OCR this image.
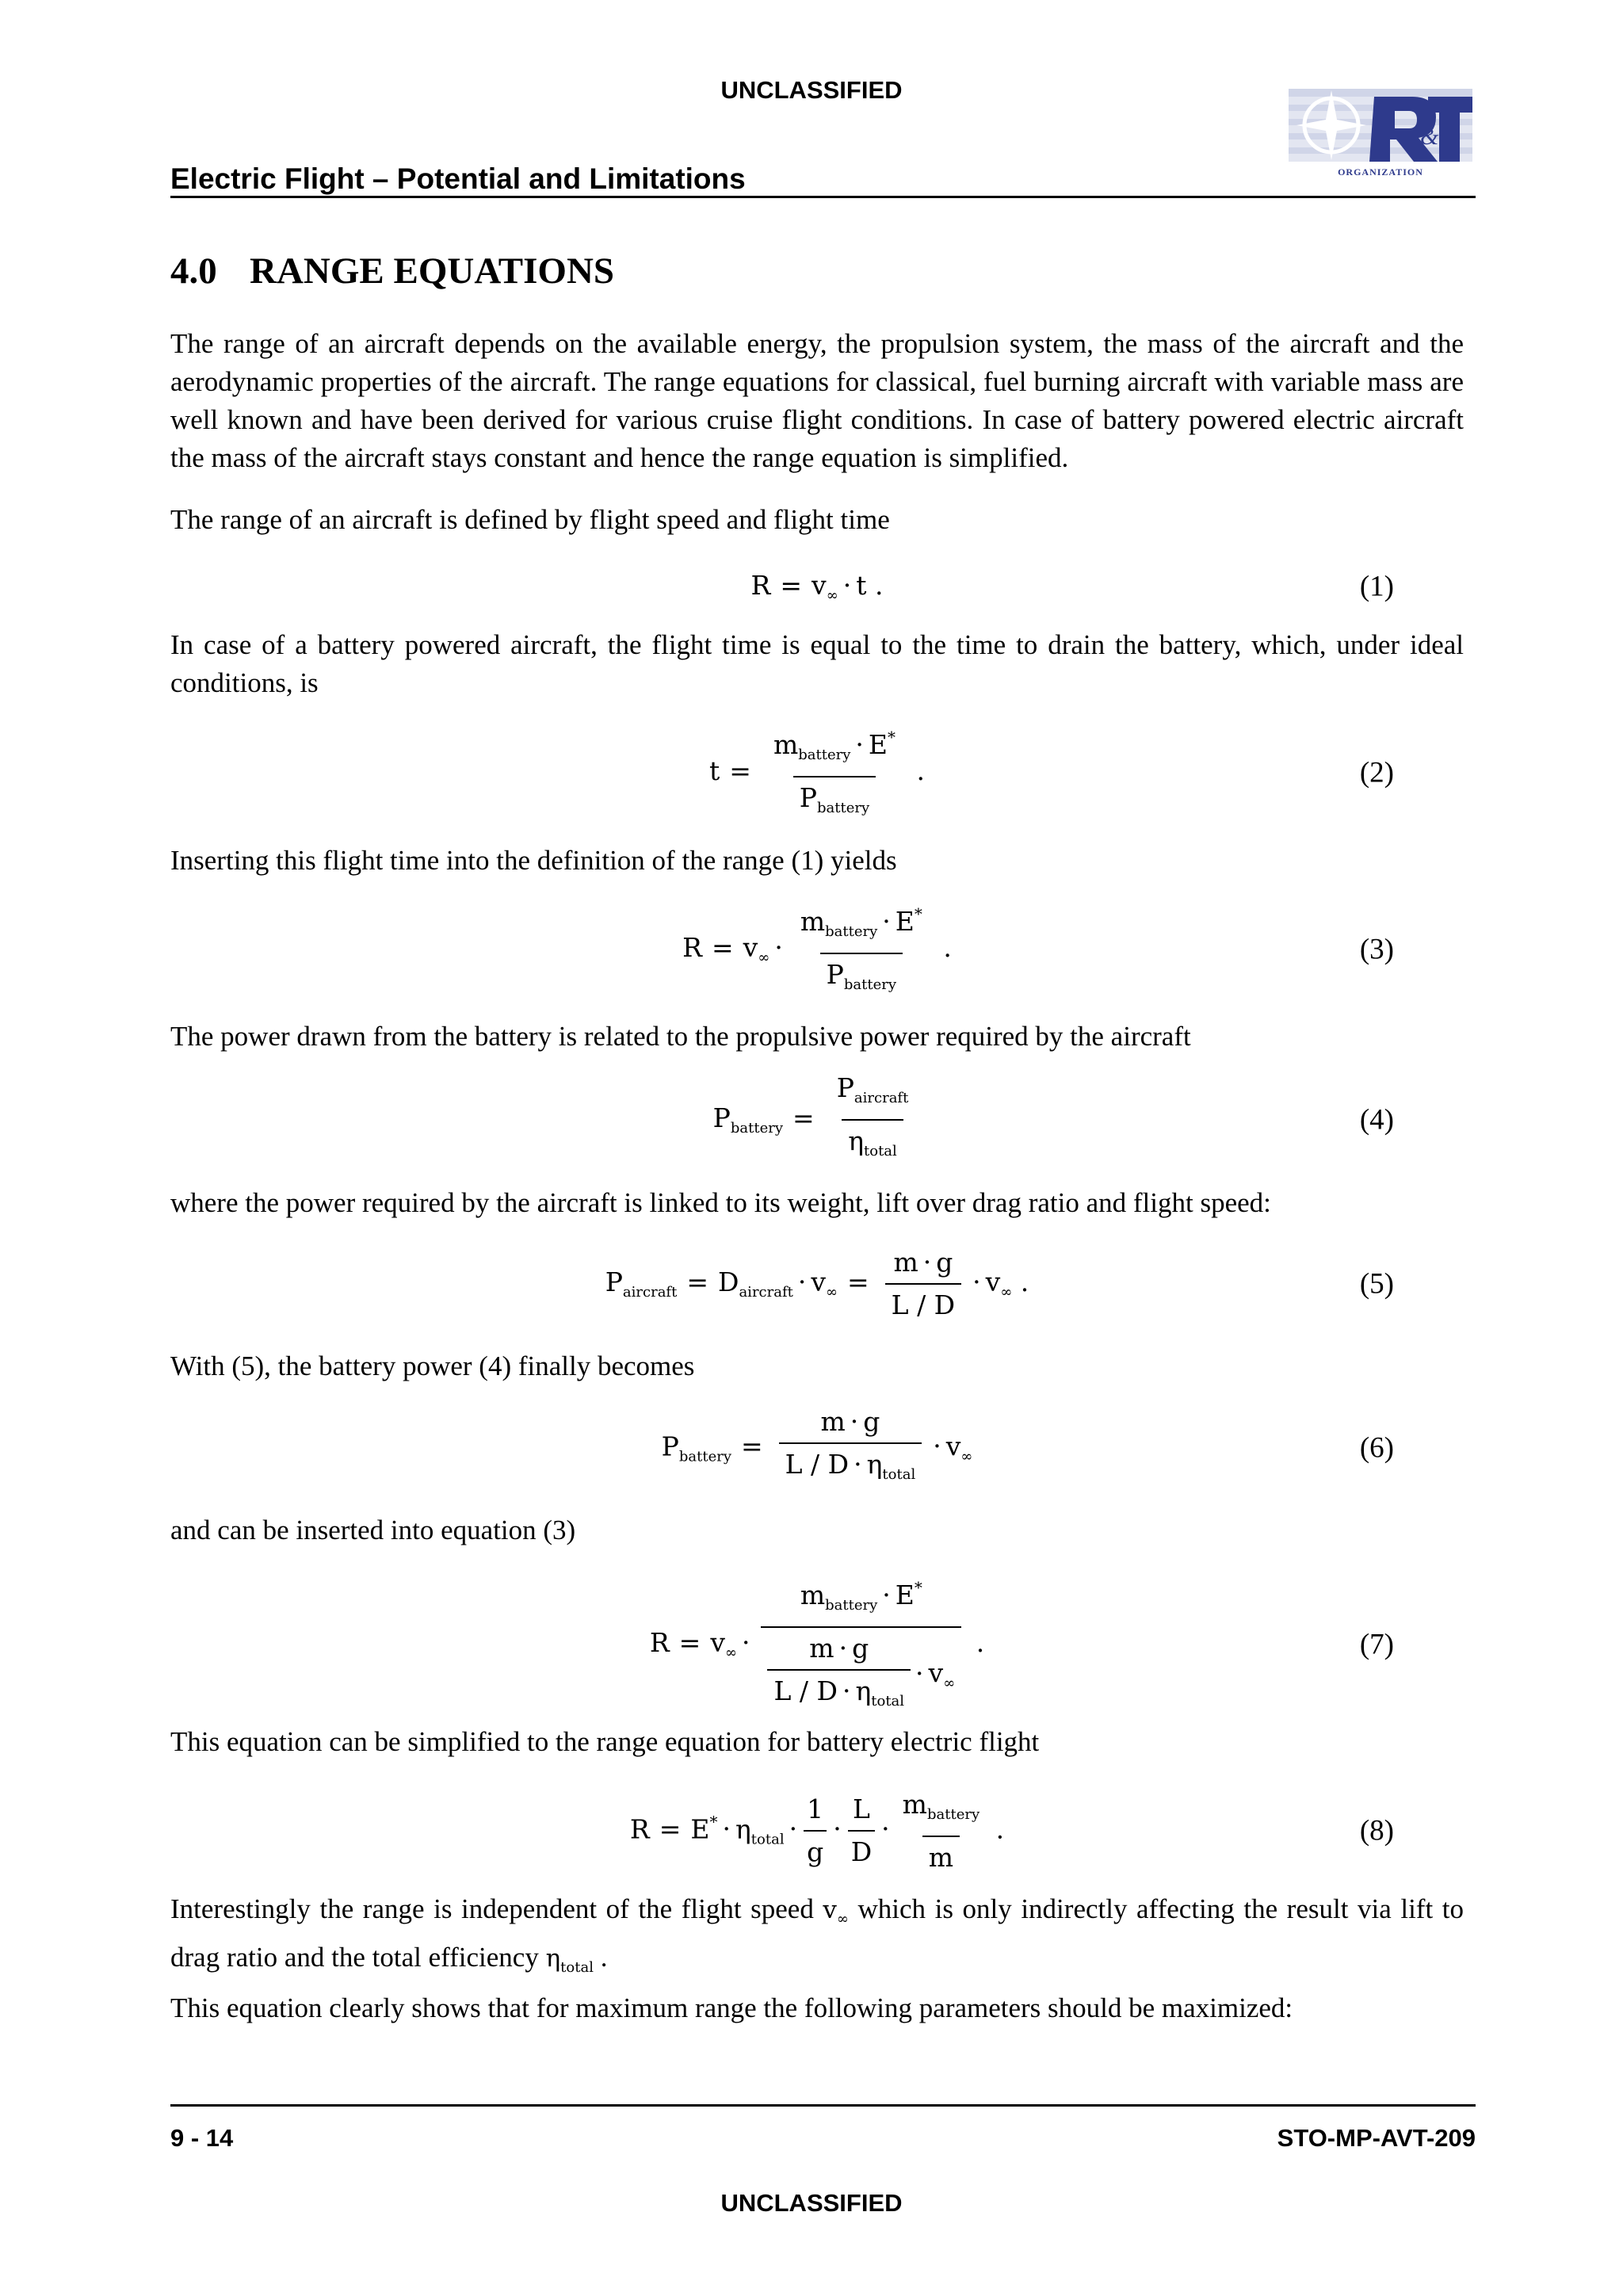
UNCLASSIFIED
&
ORGANIZATION
Electric Flight – Potential and Limitations
4.0 RANGE EQUATIONS
The range of an aircraft depends on the available energy, the propulsion system, the mass of the aircraft and the aerodynamic properties of the aircraft. The range equations for classical, fuel burning aircraft with variable mass are well known and have been derived for various cruise flight conditions. In case of battery powered electric aircraft the mass of the aircraft stays constant and hence the range equation is simplified.
The range of an aircraft is defined by flight speed and flight time
$R = v_\infty \cdot t$ .	(1)
In case of a battery powered aircraft, the flight time is equal to the time to drain the battery, which, under ideal conditions, is
t =
$m_{battery} \cdot E^*$
$P_{battery}$
.	(2)
Inserting this flight time into the definition of the range (1) yields
$R = v_\infty$ ·
$m_{battery} \cdot E^*$
$P_{battery}$
.	(3)
The power drawn from the battery is related to the propulsive power required by the aircraft
$P_{battery}$ =
$P_{aircraft}$
$\eta_{total}$
(4)
where the power required by the aircraft is linked to its weight, lift over drag ratio and flight speed:
$P_{aircraft} = D_{aircraft} \cdot v_\infty = \frac{m \cdot g}{L / D} \cdot v_\infty$ .	(5)
With (5), the battery power (4) finally becomes
$P_{battery}$ =
m · g
$L / D \cdot \eta_{total}$
· $v_\infty$	(6)
and can be inserted into equation (3)
$R = v_\infty$ ·
$m_{battery} \cdot E^*$
m · g
$L / D \cdot \eta_{total}$
· $v_\infty$
.	(7)
This equation can be simplified to the range equation for battery electric flight
$R = E^* \cdot \eta_{total} \cdot \frac{1}{g} \cdot \frac{L}{D}$ ·
$m_{battery}$
m
.	(8)
Interestingly the range is independent of the flight speed $v_\infty$ which is only indirectly affecting the result via lift to drag ratio and the total efficiency $\eta_{total}$ .
This equation clearly shows that for maximum range the following parameters should be maximized:
9 - 14	STO-MP-AVT-209
UNCLASSIFIED
